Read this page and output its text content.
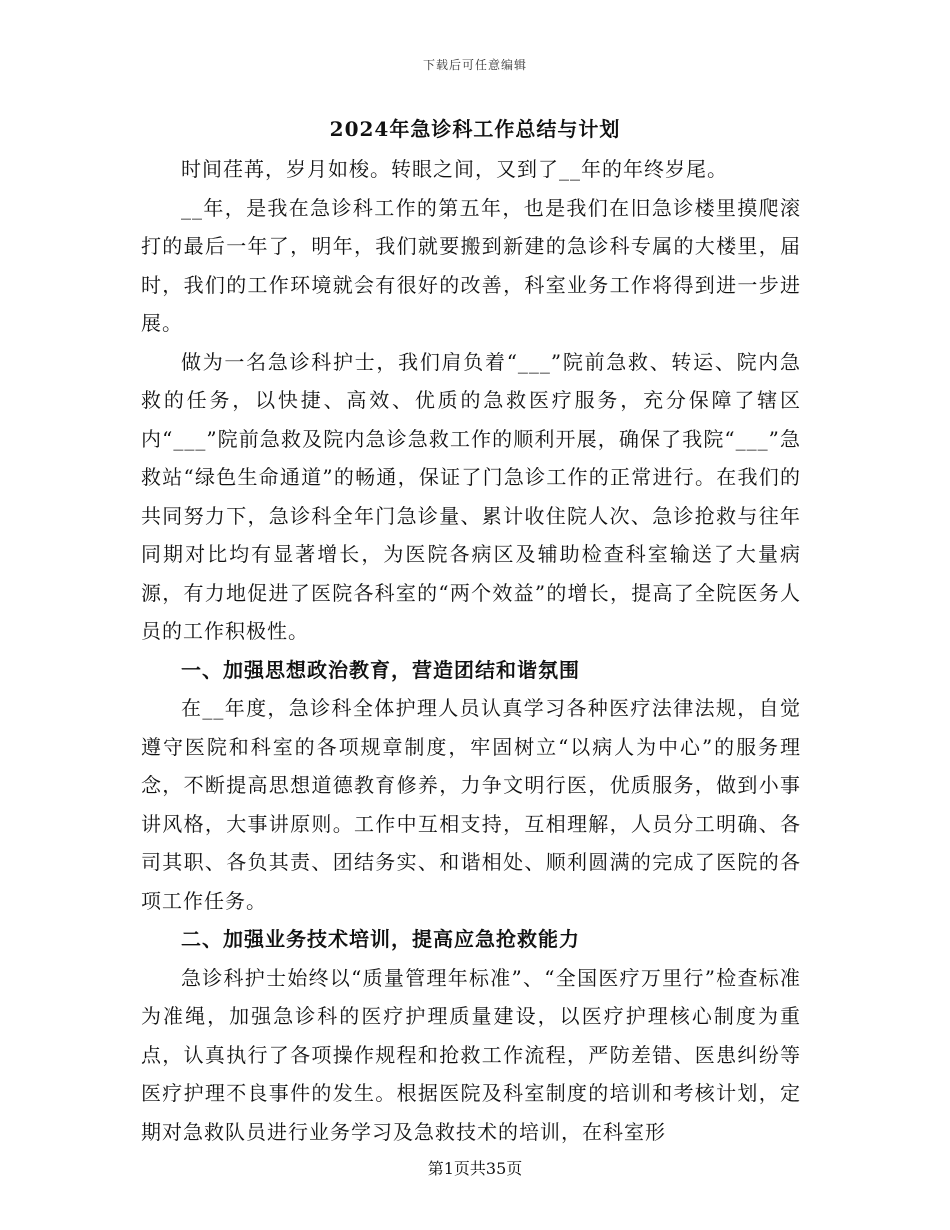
下载后可任意编辑
2024年急诊科工作总结与计划

时间荏苒，岁月如梭。转眼之间，又到了__年的年终岁尾。

__年，是我在急诊科工作的第五年，也是我们在旧急诊楼里摸爬滚打的最后一年了，明年，我们就要搬到新建的急诊科专属的大楼里，届时，我们的工作环境就会有很好的改善，科室业务工作将得到进一步进展。

做为一名急诊科护士，我们肩负着“___”院前急救、转运、院内急救的任务，以快捷、高效、优质的急救医疗服务，充分保障了辖区内“___”院前急救及院内急诊急救工作的顺利开展，确保了我院“___”急救站“绿色生命通道”的畅通，保证了门急诊工作的正常进行。在我们的共同努力下，急诊科全年门急诊量、累计收住院人次、急诊抢救与往年同期对比均有显著增长，为医院各病区及辅助检查科室输送了大量病源，有力地促进了医院各科室的“两个效益”的增长，提高了全院医务人员的工作积极性。

一、加强思想政治教育，营造团结和谐氛围

在__年度，急诊科全体护理人员认真学习各种医疗法律法规，自觉遵守医院和科室的各项规章制度，牢固树立“以病人为中心”的服务理念，不断提高思想道德教育修养，力争文明行医，优质服务，做到小事讲风格，大事讲原则。工作中互相支持，互相理解，人员分工明确、各司其职、各负其责、团结务实、和谐相处、顺利圆满的完成了医院的各项工作任务。

二、加强业务技术培训，提高应急抢救能力

急诊科护士始终以“质量管理年标准”、“全国医疗万里行”检查标准为准绳，加强急诊科的医疗护理质量建设，以医疗护理核心制度为重点，认真执行了各项操作规程和抢救工作流程，严防差错、医患纠纷等医疗护理不良事件的发生。根据医院及科室制度的培训和考核计划，定期对急救队员进行业务学习及急救技术的培训，在科室形

第1页共35页
